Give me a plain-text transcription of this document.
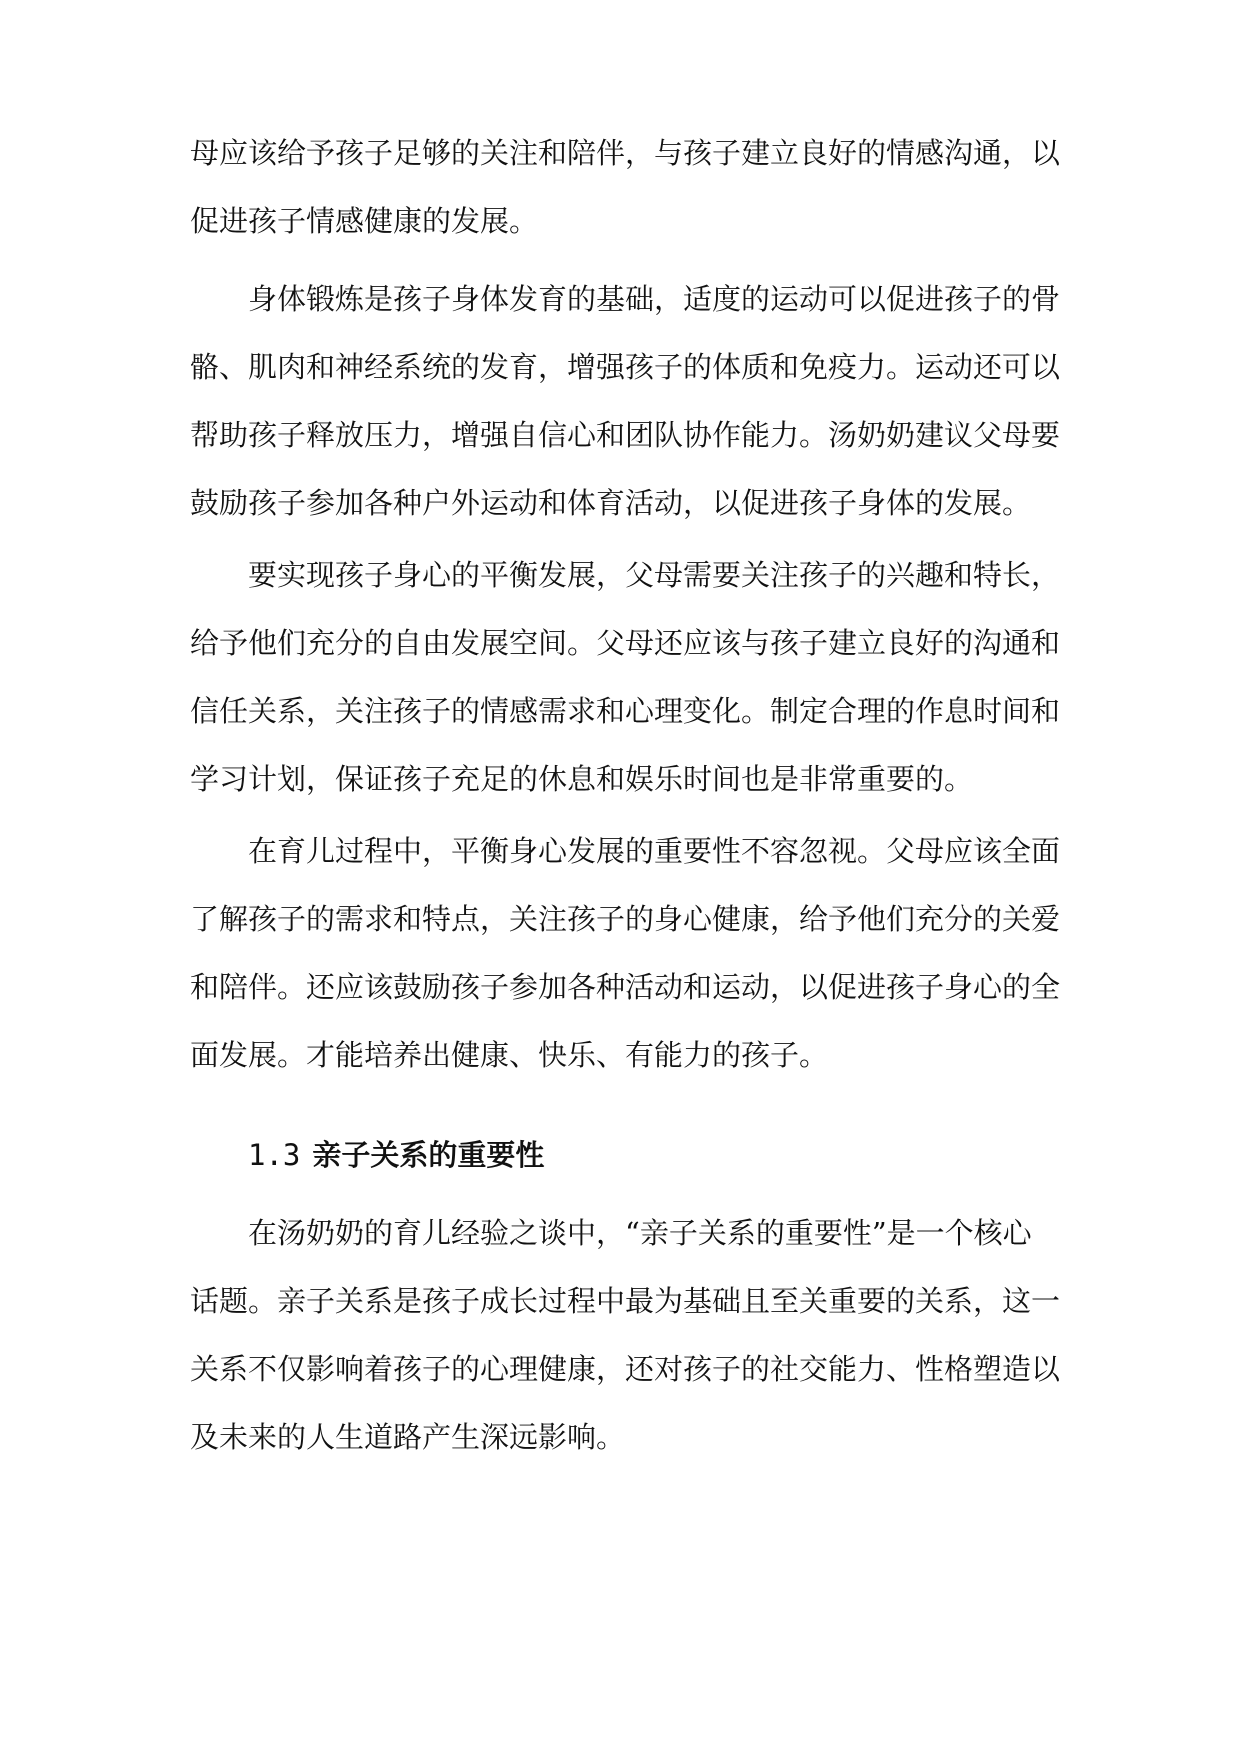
母应该给予孩子足够的关注和陪伴，与孩子建立良好的情感沟通，以
促进孩子情感健康的发展。
身体锻炼是孩子身体发育的基础，适度的运动可以促进孩子的骨
骼、肌肉和神经系统的发育，增强孩子的体质和免疫力。运动还可以
帮助孩子释放压力，增强自信心和团队协作能力。汤奶奶建议父母要
鼓励孩子参加各种户外运动和体育活动，以促进孩子身体的发展。
要实现孩子身心的平衡发展，父母需要关注孩子的兴趣和特长，
给予他们充分的自由发展空间。父母还应该与孩子建立良好的沟通和
信任关系，关注孩子的情感需求和心理变化。制定合理的作息时间和
学习计划，保证孩子充足的休息和娱乐时间也是非常重要的。
在育儿过程中，平衡身心发展的重要性不容忽视。父母应该全面
了解孩子的需求和特点，关注孩子的身心健康，给予他们充分的关爱
和陪伴。还应该鼓励孩子参加各种活动和运动，以促进孩子身心的全
面发展。才能培养出健康、快乐、有能力的孩子。
1.3 亲子关系的重要性
在汤奶奶的育儿经验之谈中，“亲子关系的重要性”是一个核心
话题。亲子关系是孩子成长过程中最为基础且至关重要的关系，这一
关系不仅影响着孩子的心理健康，还对孩子的社交能力、性格塑造以
及未来的人生道路产生深远影响。
